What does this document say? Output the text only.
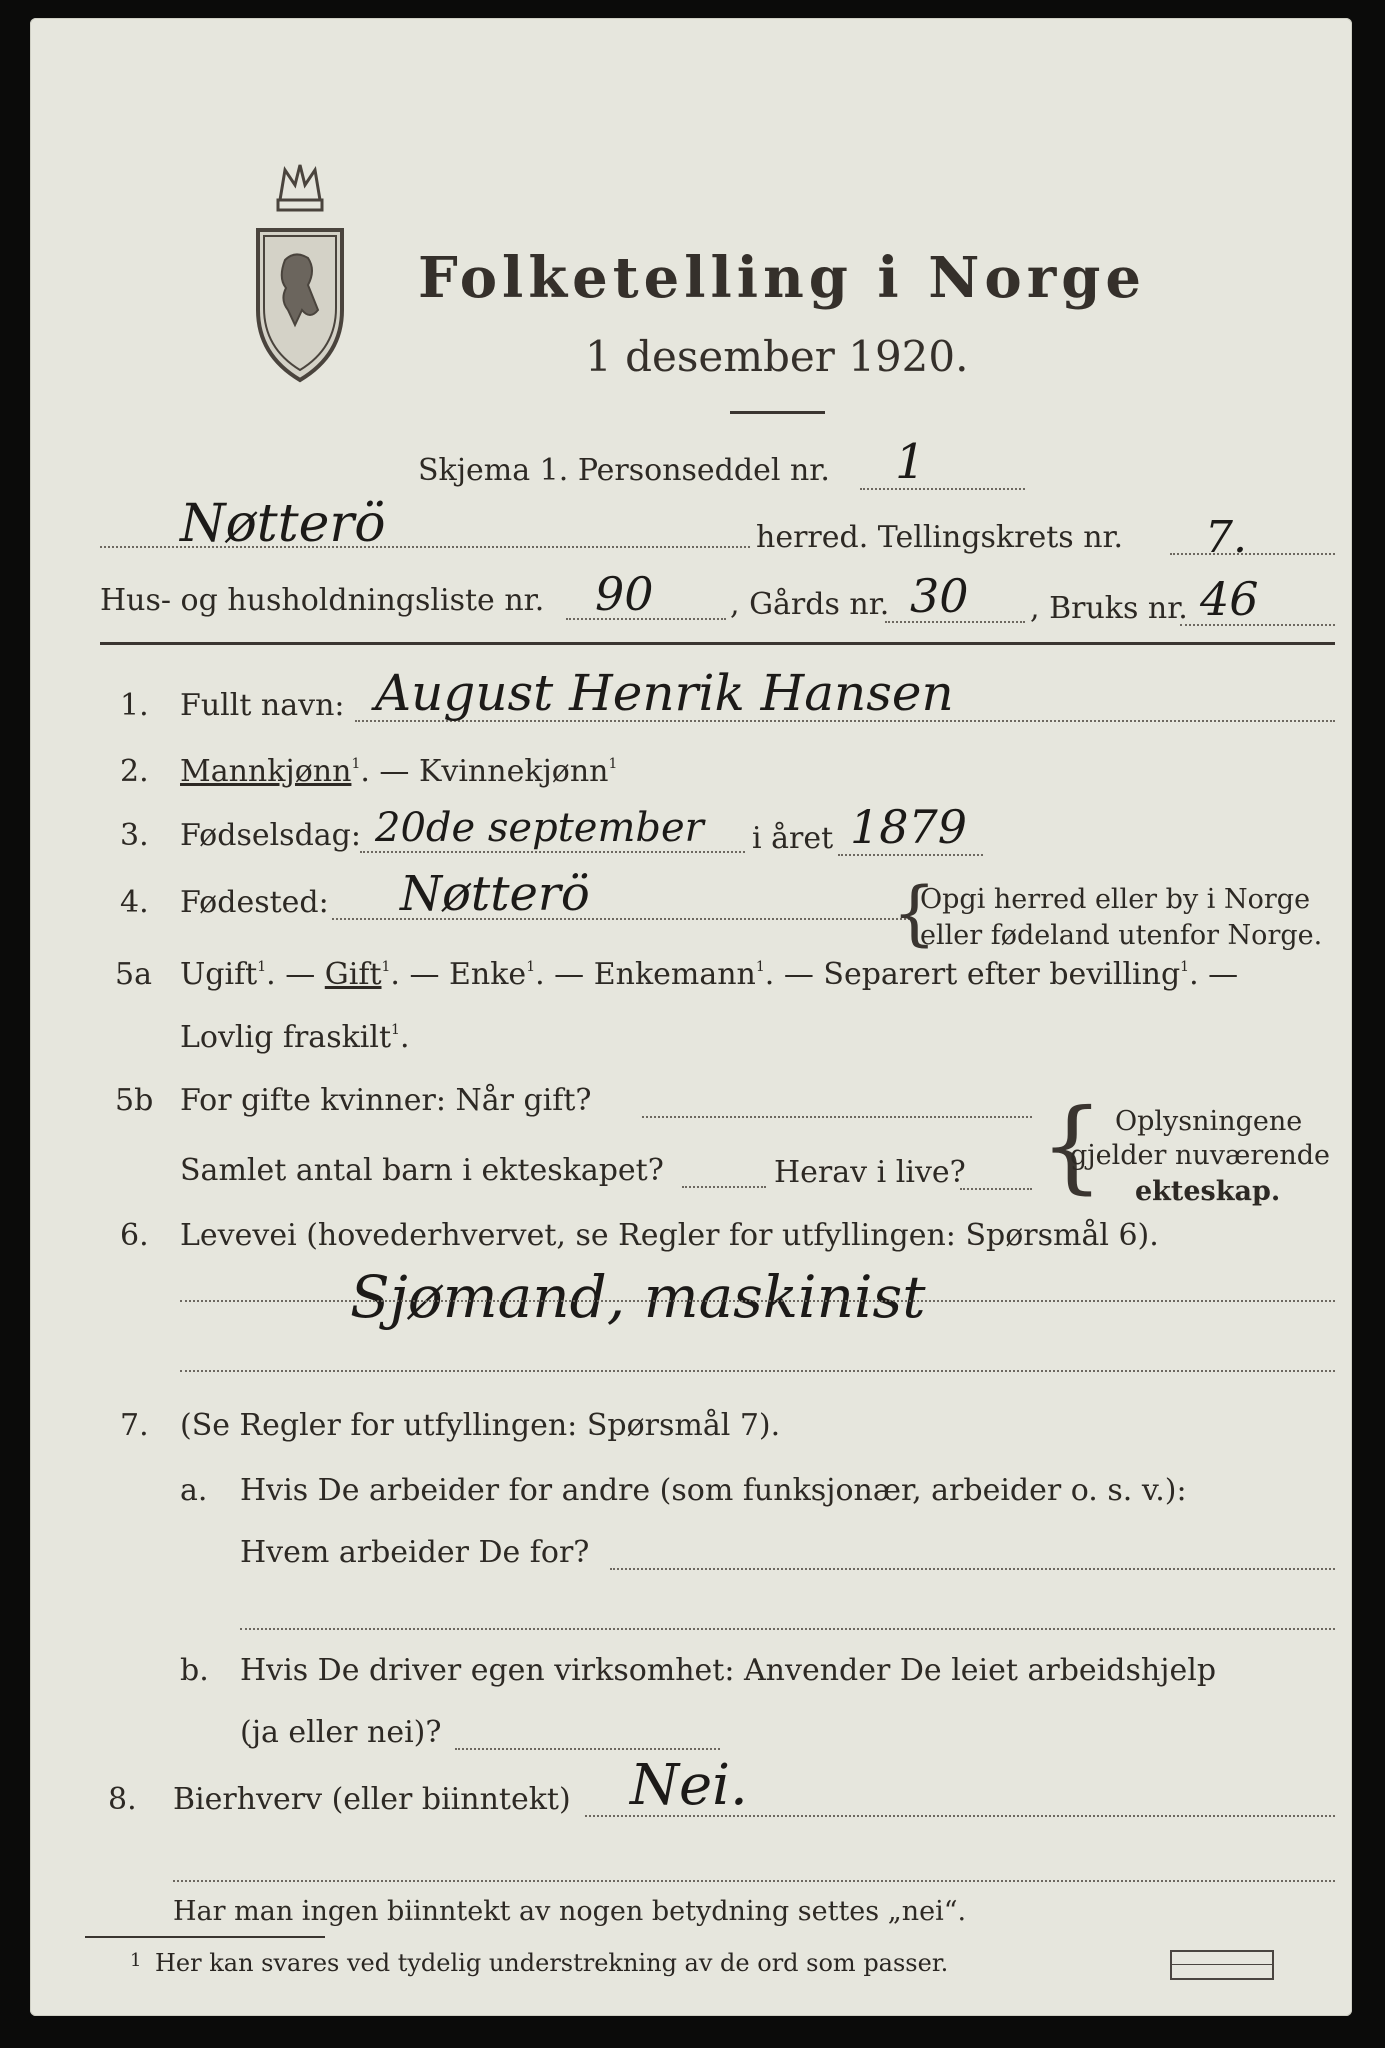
Folketelling i Norge
1 desember 1920.
Skjema 1. Personseddel nr. 1
Nøtterö	herred. Tellingskrets nr. 7.
Hus- og husholdningsliste nr. 90	, Gårds nr. 30 , Bruks nr. 46
1. Fullt navn: August Henrik Hansen
2. Mannkjønn$^1$. — Kvinnekjønn$^1$
3. Fødselsdag: 20de september i året 1879
4. Fødested: Nøtterö	{
Opgi herred eller by i Norge
eller fødeland utenfor Norge.
5a Ugift$^1$. — Gift$^1$. — Enke$^1$. — Enkemann$^1$. — Separert efter bevilling$^1$. —
Lovlig fraskilt$^1$.
5b For gifte kvinner: Når gift?
Samlet antal barn i ekteskapet?	Herav i live? { Oplysningene
gjelder nuværende
ekteskap.
6. Levevei (hovederhvervet, se Regler for utfyllingen: Spørsmål 6).
Sjømand, maskinist
7. (Se Regler for utfyllingen: Spørsmål 7).
a. Hvis De arbeider for andre (som funksjonær, arbeider o. s. v.):
Hvem arbeider De for?
b. Hvis De driver egen virksomhet: Anvender De leiet arbeidshjelp
(ja eller nei)?
8. Bierhverv (eller biinntekt) Nei.
Har man ingen biinntekt av nogen betydning settes „nei“.
1 Her kan svares ved tydelig understrekning av de ord som passer.
